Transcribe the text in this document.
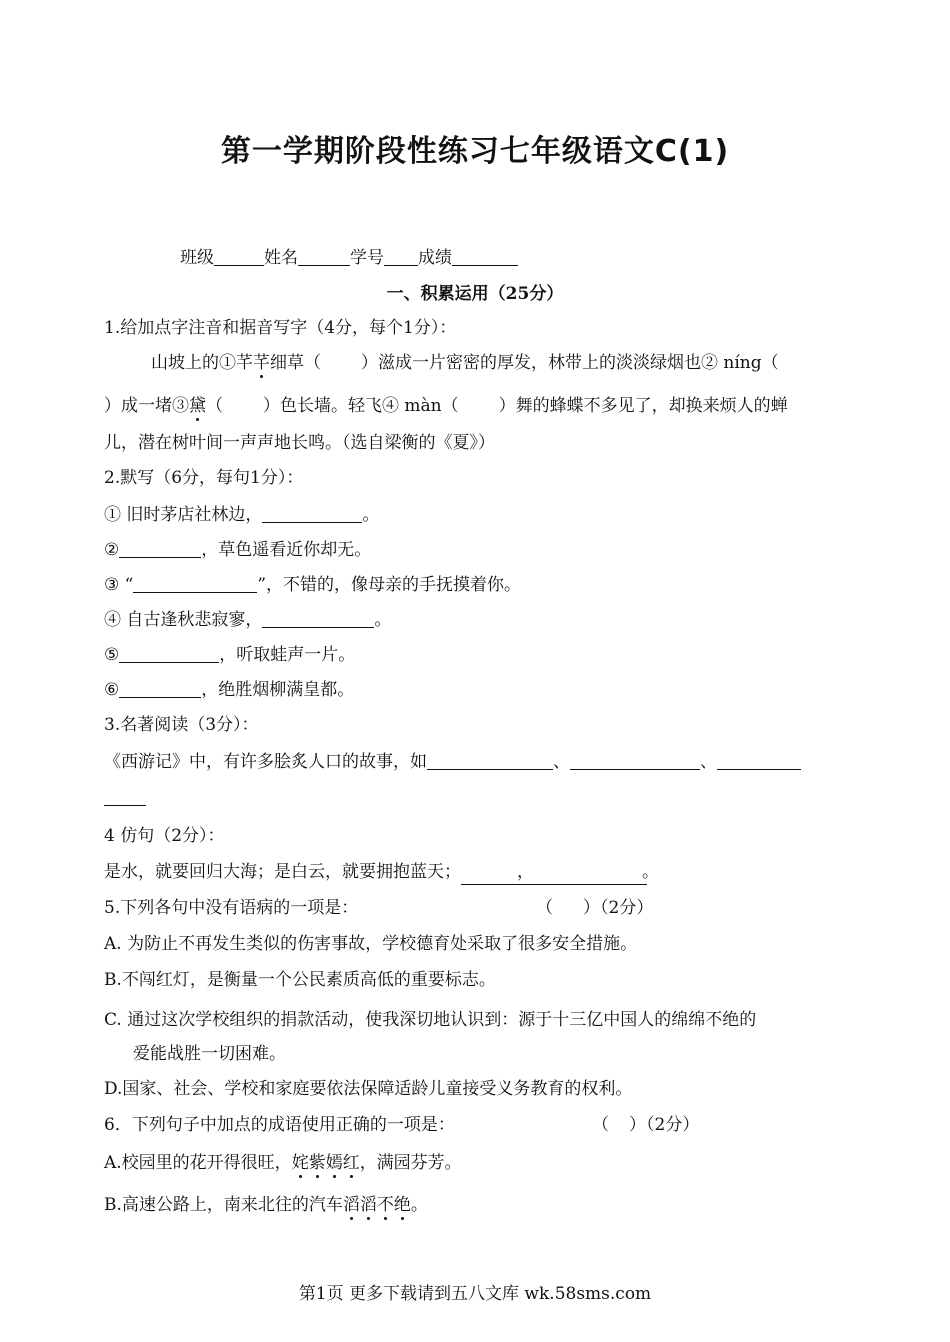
第一学期阶段性练习七年级语文C(1)
班级	姓名	学号 成绩
一、积累运用（25分）
1.给加点字注音和据音写字（4分，每个1分）：
山坡上的①芊芊细草（ ）滋成一片密密的厚发，林带上的淡淡绿烟也② níng（
）成一堵③黛（ ）色长墙。轻飞④ màn（ ）舞的蜂蝶不多见了，却换来烦人的蝉
儿，潜在树叶间一声声地长鸣。（选自梁衡的《夏》）
2.默写（6分，每句1分）：
① 旧时茅店社林边，	。
②	，草色遥看近你却无。
③ “	”，不错的，像母亲的手抚摸着你。
④ 自古逢秋悲寂寥，	。
⑤	，听取蛙声一片。
⑥	，绝胜烟柳满皇都。
3.名著阅读（3分）：
《西游记》中，有许多脍炙人口的故事，如	、	、
4 仿句（2分）：
是水，就要回归大海；是白云，就要拥抱蓝天；	，	。
5.下列各句中没有语病的一项是：	（ ）（2分）
A. 为防止不再发生类似的伤害事故，学校德育处采取了很多安全措施。
B.不闯红灯，是衡量一个公民素质高低的重要标志。
C. 通过这次学校组织的捐款活动，使我深切地认识到：源于十三亿中国人的绵绵不绝的
爱能战胜一切困难。
D.国家、社会、学校和家庭要依法保障适龄儿童接受义务教育的权利。
6．下列句子中加点的成语使用正确的一项是：	（ ）（2分）
A.校园里的花开得很旺，姹紫嫣红，满园芬芳。
B.高速公路上，南来北往的汽车滔滔不绝。
第1页 更多下载请到五八文库 wk.58sms.com
